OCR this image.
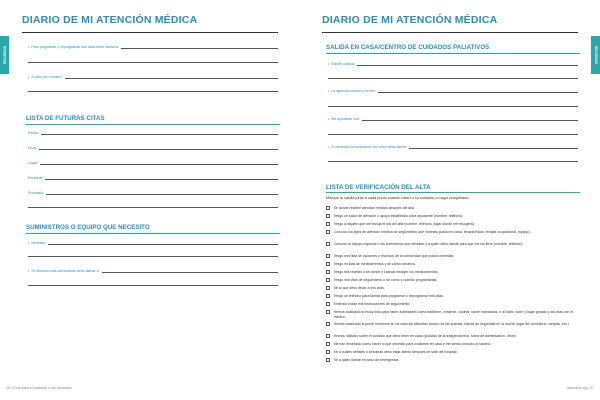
DIARIO DE MI ATENCIÓN MÉDICA
RECURSOS	• Para programar o reprogramar mis citas debo llamar a:
• A este otro número:
LISTA DE FUTURAS CITAS
Fecha:
Hora:
Lugar:
Personal:
Propósito:
SUMINISTROS O EQUIPO QUE NECESITO
• Necesito:
• Si necesito más suministros debo llamar a:
26 | Guía para el paciente y los visitantes
DIARIO DE MI ATENCIÓN MÉDICA
RECURSOS
SALIDA EN CASA/CENTRO DE CUIDADOS PALIATIVOS
• Saldré cuando:
• La agencia vendrá a verme:
• Me ayudarán con:
• Si necesito comunicarme con ellos debo llamar:
LISTA DE VERIFICACIÓN DEL ALTA
Marque la casilla junto a cada punto cuando usted o su cuidador lo haya completado.
Sé dónde recibiré atención médica después del alta.
Tengo un sacio de atención o apoyo establecido para ayudarme (nombre, teléfono).
Tengo a alguien que me recoja el día del alta (nombre, teléfono, lugar donde me recogerá).
Conozco los tipos de atención médica de seguimiento que necesito (salud en casa, terapia física, terapia ocupacional, equipo).
Conozco al equipo especial o los suministros que necesito y a quién debo llamar para que me los lleve (nombre, teléfono).
Tengo una lista de opciones y recursos de la comunidad que podría necesitar.
Tengo mi lista de medicamentos y sé cómo tomarlos.
Tengo mis recetas o sé dónde y cuándo recoger los medicamentos.
Tengo mis citas de seguimiento o sé cómo y cuándo programarlas.
Sé lo que debo llevar a mis citas.
Tengo un teléfono para llamar para programar o reprogramar mis citas.
Entiendo todas mis instrucciones de seguimiento.
Hemos analizado si estoy listo para hacer actividades como bañarme, vestirme, cocinar, hacer mandados, ir al baño, subir y bajar gradas y las citas con el médico.
Hemos analizado si podré moverme en mi casa sin dificultad (ancho de las puertas, barras de seguridad en la ducha, lugar del dormitorio, rampas, etc.)
Hemos hablado sobre el cuidado que debo tener en casa (cuidado de la traqueostomía, tubos de alimentación, otros).
Me han enseñado cómo hacer lo que necesito para cuidarme en casa y me siento cómodo al hacerlo.
Sé a cuáles señales o síntomas debo estar atento después de salir del hospital.
Sé a quién llamar en caso de emergencia.
uwhealth.org | 27
